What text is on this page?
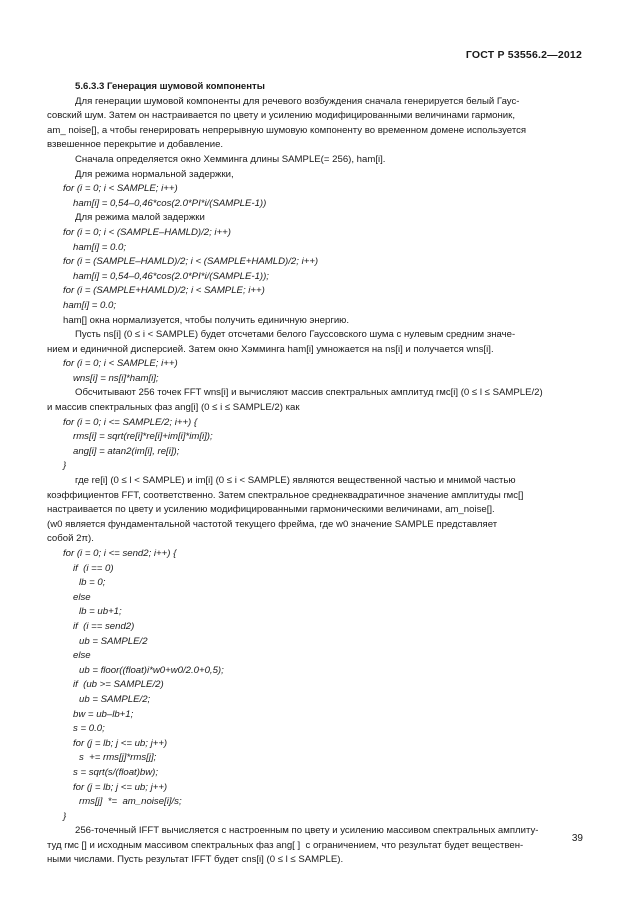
ГОСТ Р 53556.2—2012
5.6.3.3 Генерация шумовой компоненты
Для генерации шумовой компоненты для речевого возбуждения сначала генерируется белый Гаус-
совский шум. Затем он настраивается по цвету и усилению модифицированными величинами гармоник,
am_ noise[], а чтобы генерировать непрерывную шумовую компоненту во временном домене используется
взвешенное перекрытие и добавление.
Сначала определяется окно Хемминга длины SAMPLE(= 256), ham[i].
Для режима нормальной задержки,
for (i = 0; i < SAMPLE; i++)
ham[i] = 0,54–0,46*cos(2.0*PI*i/(SAMPLE-1))
Для режима малой задержки
for (i = 0; i < (SAMPLE–HAMLD)/2; i++)
ham[i] = 0.0;
for (i = (SAMPLE–HAMLD)/2; i < (SAMPLE+HAMLD)/2; i++)
ham[i] = 0,54–0,46*cos(2.0*PI*i/(SAMPLE-1));
for (i = (SAMPLE+HAMLD)/2; i < SAMPLE; i++)
ham[i] = 0.0;
ham[] окна нормализуется, чтобы получить единичную энергию.
Пусть ns[i] (0 ≤ i < SAMPLE) будет отсчетами белого Гауссовского шума с нулевым средним значе-
нием и единичной дисперсией. Затем окно Хэмминга ham[i] умножается на ns[i] и получается wns[i].
for (i = 0; i < SAMPLE; i++)
wns[i] = ns[i]*ham[i];
Обсчитывают 256 точек FFT wns[i] и вычисляют массив спектральных амплитуд rмс[i] (0 ≤ l ≤ SAMPLE/2)
и массив спектральных фаз ang[i] (0 ≤ i ≤ SAMPLE/2) как
for (i = 0; i <= SAMPLE/2; i++) {
rms[i] = sqrt(re[i]*re[i]+im[i]*im[i]);
ang[i] = atan2(im[i], re[i]);
}
где re[i] (0 ≤ l < SAMPLE) и im[i] (0 ≤ i < SAMPLE) являются вещественной частью и мнимой частью
коэффициентов FFT, соответственно. Затем спектральное среднеквадратичное значение амплитуды rмс[]
настраивается по цвету и усилению модифицированными гармоническими величинами, am_noise[].
(w0 является фундаментальной частотой текущего фрейма, где w0 значение SAMPLE представляет
собой 2π).
for (i = 0; i <= send2; i++) {
if  (i == 0)
lb = 0;
else
lb = ub+1;
if  (i == send2)
ub = SAMPLE/2
else
ub = floor((float)i*w0+w0/2.0+0,5);
if  (ub >= SAMPLE/2)
ub = SAMPLE/2;
bw = ub–lb+1;
s = 0.0;
for (j = lb; j <= ub; j++)
s  += rms[j]*rms[j];
s = sqrt(s/(float)bw);
for (j = lb; j <= ub; j++)
rms[j]  *=  am_noise[i]/s;
}
256-точечный IFFT вычисляется с настроенным по цвету и усилению массивом спектральных амплиту-
туд rмс [] и исходным массивом спектральных фаз ang[ ]  с ограничением, что результат будет веществен-
ными числами. Пусть результат IFFT будет cns[i] (0 ≤ l ≤ SAMPLE).
39
